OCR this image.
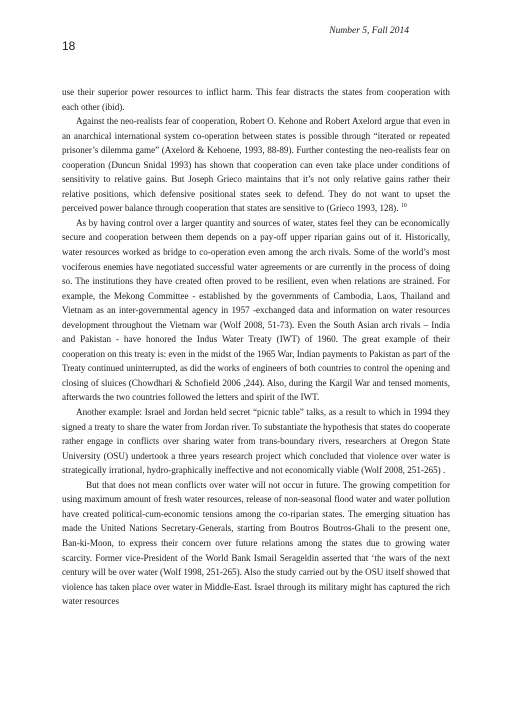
Number 5, Fall 2014
18

use their superior power resources to inflict harm. This fear distracts the states from cooperation with each other (ibid).

Against the neo-realists fear of cooperation, Robert O. Kehone and Robert Axelord argue that even in an anarchical international system co-operation between states is possible through “iterated or repeated prisoner’s dilemma game” (Axelord & Kehoene, 1993, 88-89). Further contesting the neo-realists fear on cooperation (Duncun Snidal 1993) has shown that cooperation can even take place under conditions of sensitivity to relative gains. But Joseph Grieco maintains that it’s not only relative gains rather their relative positions, which defensive positional states seek to defend. They do not want to upset the perceived power balance through cooperation that states are sensitive to (Grieco 1993, 128). $^{10}$

As by having control over a larger quantity and sources of water, states feel they can be economically secure and cooperation between them depends on a pay-off upper riparian gains out of it. Historically, water resources worked as bridge to co-operation even among the arch rivals. Some of the world’s most vociferous enemies have negotiated successful water agreements or are currently in the process of doing so. The institutions they have created often proved to be resilient, even when relations are strained. For example, the Mekong Committee - established by the governments of Cambodia, Laos, Thailand and Vietnam as an inter-governmental agency in 1957 -exchanged data and information on water resources development throughout the Vietnam war (Wolf 2008, 51-73). Even the South Asian arch rivals – India and Pakistan - have honored the Indus Water Treaty (IWT) of 1960. The great example of their cooperation on this treaty is: even in the midst of the 1965 War, Indian payments to Pakistan as part of the Treaty continued uninterrupted, as did the works of engineers of both countries to control the opening and closing of sluices (Chowdhari & Schofield 2006 ,244). Also, during the Kargil War and tensed moments, afterwards the two countries followed the letters and spirit of the IWT.

Another example: Israel and Jordan held secret “picnic table” talks, as a result to which in 1994 they signed a treaty to share the water from Jordan river. To substantiate the hypothesis that states do cooperate rather engage in conflicts over sharing water from trans-boundary rivers, researchers at Oregon State University (OSU) undertook a three years research project which concluded that violence over water is strategically irrational, hydro-graphically ineffective and not economically viable (Wolf 2008, 251-265) .

But that does not mean conflicts over water will not occur in future. The growing competition for using maximum amount of fresh water resources, release of non-seasonal flood water and water pollution have created political-cum-economic tensions among the co-riparian states. The emerging situation has made the United Nations Secretary-Generals, starting from Boutros Boutros-Ghali to the present one, Ban-ki-Moon, to express their concern over future relations among the states due to growing water scarcity. Former vice-President of the World Bank Ismail Serageldin asserted that ‘the wars of the next century will be over water (Wolf 1998, 251-265). Also the study carried out by the OSU itself showed that violence has taken place over water in Middle-East. Israel through its military might has captured the rich water resources
